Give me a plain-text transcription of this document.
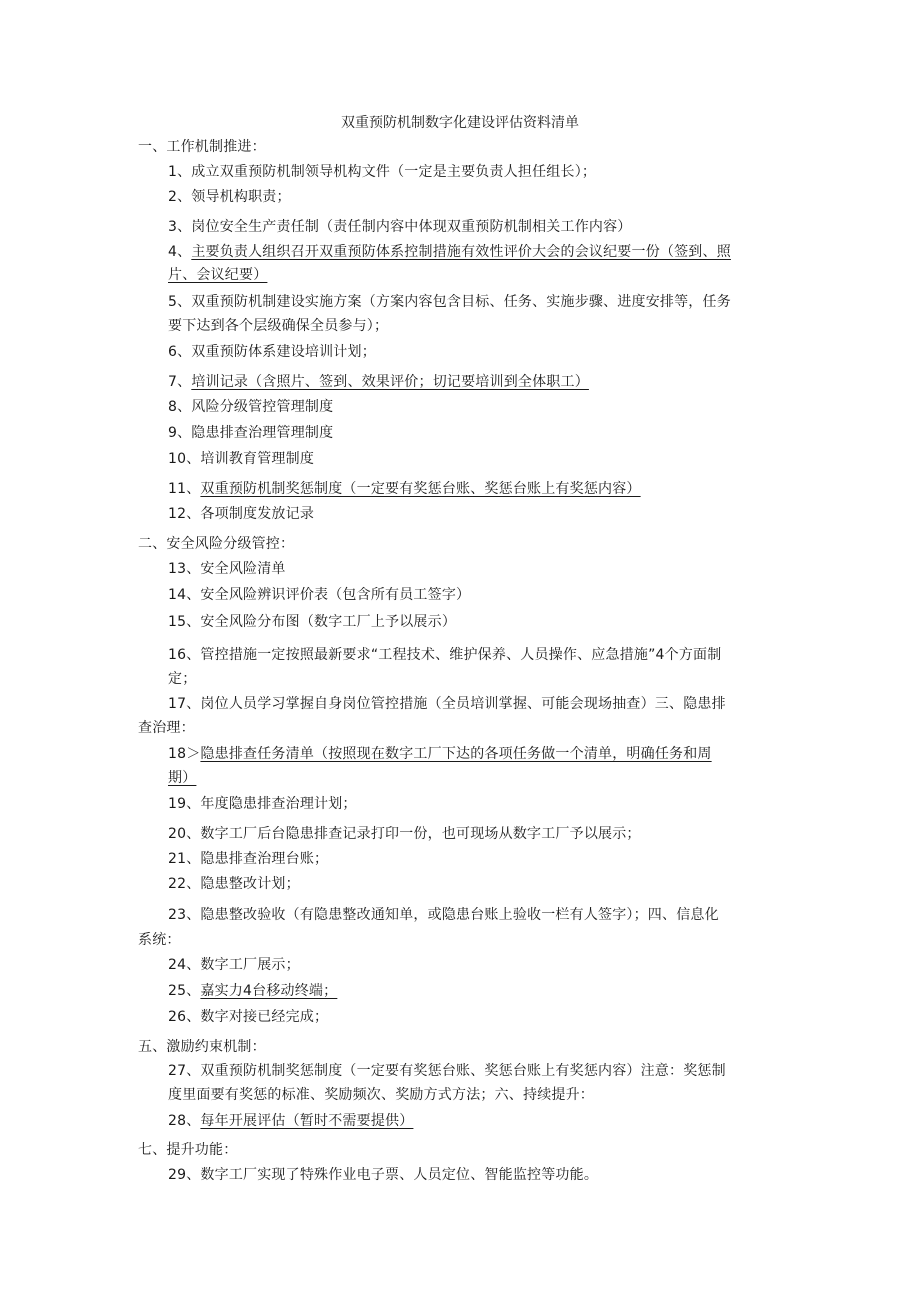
双重预防机制数字化建设评估资料清单
一、工作机制推进：
1、成立双重预防机制领导机构文件（一定是主要负责人担任组长）；
2、领导机构职责；
3、岗位安全生产责任制（责任制内容中体现双重预防机制相关工作内容）
4、主要负责人组织召开双重预防体系控制措施有效性评价大会的会议纪要一份（签到、照
片、会议纪要）
5、双重预防机制建设实施方案（方案内容包含目标、任务、实施步骤、进度安排等，任务
要下达到各个层级确保全员参与）；
6、双重预防体系建设培训计划；
7、培训记录（含照片、签到、效果评价；切记要培训到全体职工）
8、风险分级管控管理制度
9、隐患排查治理管理制度
10、培训教育管理制度
11、双重预防机制奖惩制度（一定要有奖惩台账、奖惩台账上有奖惩内容）
12、各项制度发放记录
二、安全风险分级管控：
13、安全风险清单
14、安全风险辨识评价表（包含所有员工签字）
15、安全风险分布图（数字工厂上予以展示）
16、管控措施一定按照最新要求“工程技术、维护保养、人员操作、应急措施”4个方面制
定；
17、岗位人员学习掌握自身岗位管控措施（全员培训掌握、可能会现场抽查）三、隐患排
查治理：
18＞隐患排查任务清单（按照现在数字工厂下达的各项任务做一个清单，明确任务和周
期）
19、年度隐患排查治理计划；
20、数字工厂后台隐患排查记录打印一份，也可现场从数字工厂予以展示；
21、隐患排查治理台账；
22、隐患整改计划；
23、隐患整改验收（有隐患整改通知单，或隐患台账上验收一栏有人签字）；四、信息化
系统：
24、数字工厂展示；
25、嘉实力4台移动终端；
26、数字对接已经完成；
五、激励约束机制：
27、双重预防机制奖惩制度（一定要有奖惩台账、奖惩台账上有奖惩内容）注意：奖惩制
度里面要有奖惩的标准、奖励频次、奖励方式方法；六、持续提升：
28、每年开展评估（暂时不需要提供）
七、提升功能：
29、数字工厂实现了特殊作业电子票、人员定位、智能监控等功能。
